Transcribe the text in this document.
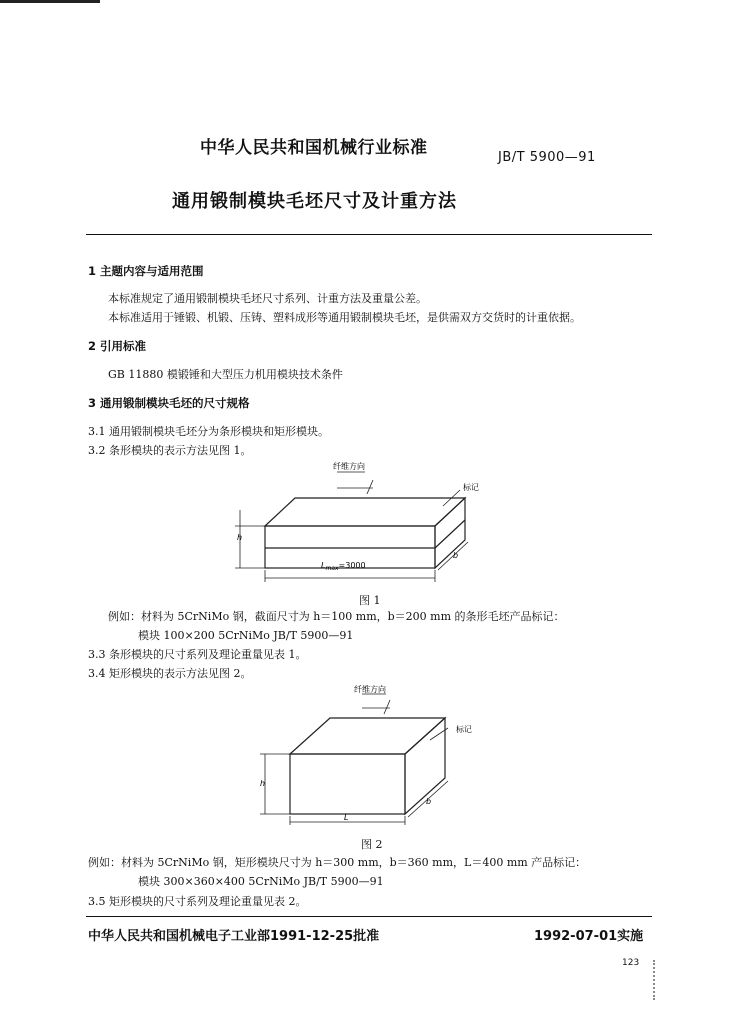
中华人民共和国机械行业标准	JB/T 5900—91
通用锻制模块毛坯尺寸及计重方法
1 主题内容与适用范围
本标准规定了通用锻制模块毛坯尺寸系列、计重方法及重量公差。
本标准适用于锤锻、机锻、压铸、塑料成形等通用锻制模块毛坯，是供需双方交货时的计重依据。
2 引用标准
GB 11880 模锻锤和大型压力机用模块技术条件
3 通用锻制模块毛坯的尺寸规格
3.1 通用锻制模块毛坯分为条形模块和矩形模块。
3.2 条形模块的表示方法见图 1。
纤维方向
标记
h
b
$L_{max}=3000$
图 1
例如：材料为 5CrNiMo 钢，截面尺寸为 h＝100 mm，b＝200 mm 的条形毛坯产品标记：
模块 100×200 5CrNiMo JB/T 5900—91
3.3 条形模块的尺寸系列及理论重量见表 1。
3.4 矩形模块的表示方法见图 2。
纤维方向
标记
h
b
L
图 2
例如：材料为 5CrNiMo 钢，矩形模块尺寸为 h＝300 mm，b＝360 mm，L＝400 mm 产品标记：
模块 300×360×400 5CrNiMo JB/T 5900—91
3.5 矩形模块的尺寸系列及理论重量见表 2。
中华人民共和国机械电子工业部1991-12-25批准	1992-07-01实施
123
